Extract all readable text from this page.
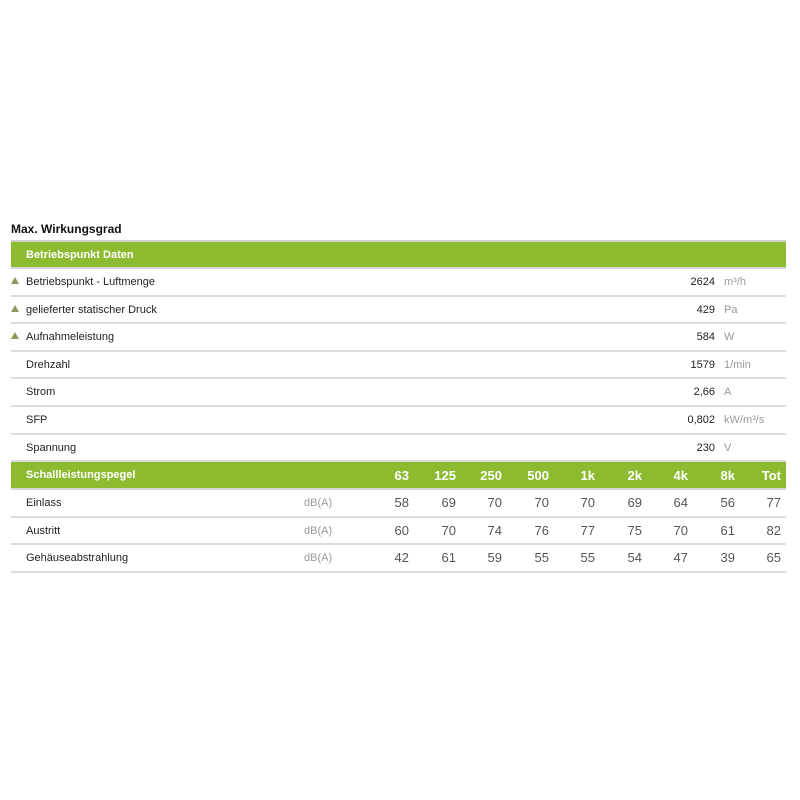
Max. Wirkungsgrad
Betriebspunkt Daten
Betriebspunkt - Luftmenge	2624 m³/h
gelieferter statischer Druck	429 Pa
Aufnahmeleistung	584 W
Drehzahl	1579 1/min
Strom	2,66 A
SFP	0,802 kW/m³/s
Spannung	230 V
Schallleistungspegel	63	125	250	500	1k	2k	4k	8k	Tot
Einlass	dB(A)	58	69	70	70	70	69	64	56	77
Austritt	dB(A)	60	70	74	76	77	75	70	61	82
Gehäuseabstrahlung	dB(A)	42	61	59	55	55	54	47	39	65
